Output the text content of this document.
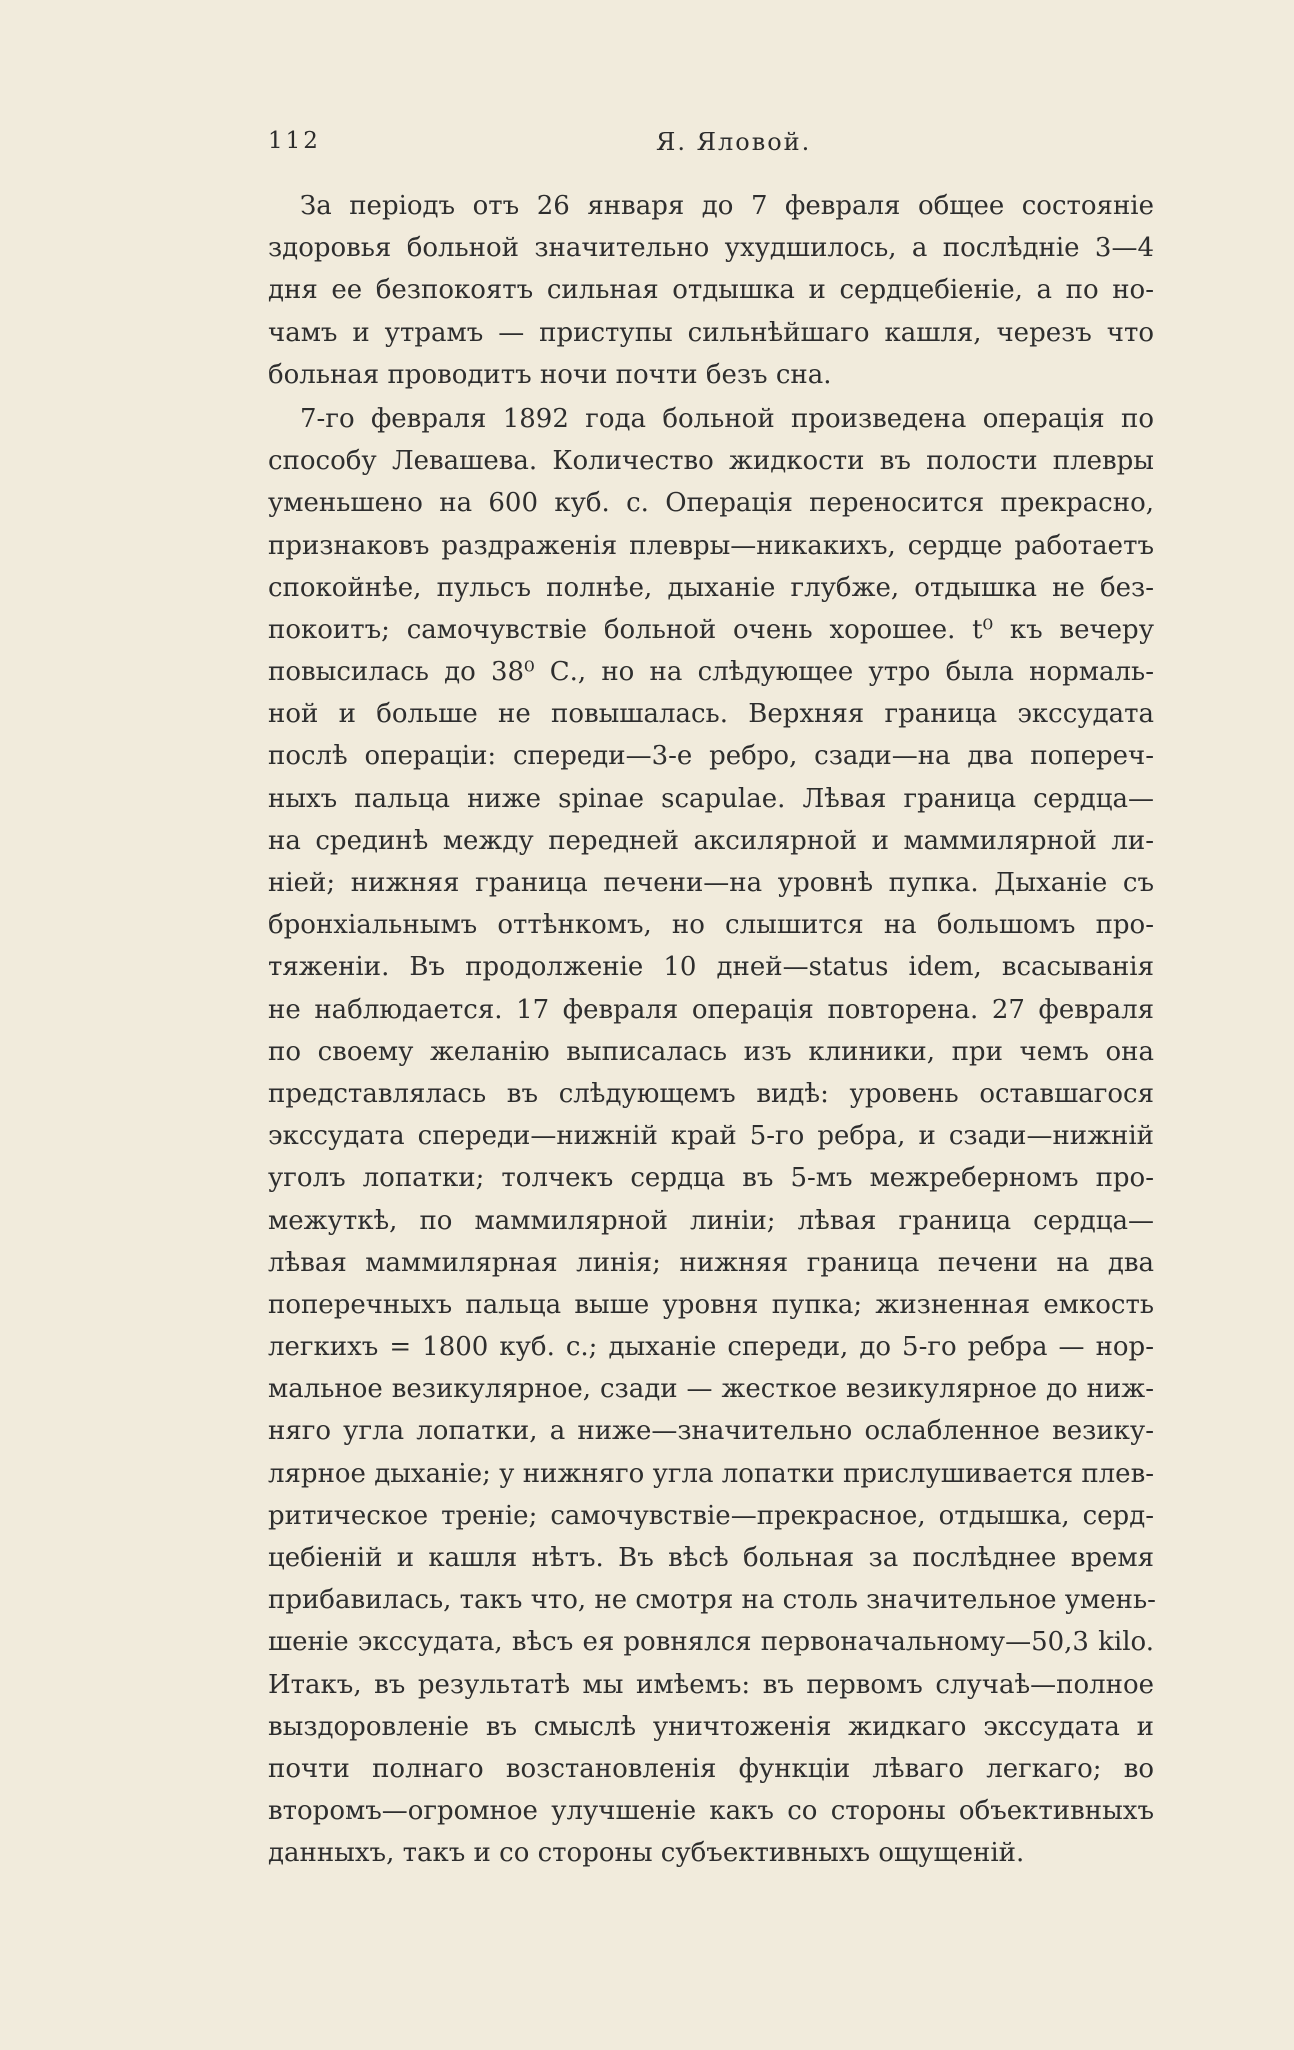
112	Я. Яловой.
За періодъ отъ 26 января до 7 февраля общее состояніе
здоровья больной значительно ухудшилось, а послѣдніе 3—4
дня ее безпокоятъ сильная отдышка и сердцебіеніе, а по но-
чамъ и утрамъ — приступы сильнѣйшаго кашля, черезъ что
больная проводитъ ночи почти безъ сна.
7-го февраля 1892 года больной произведена операція по
способу Левашева. Количество жидкости въ полости плевры
уменьшено на 600 куб. с. Операція переносится прекрасно,
признаковъ раздраженія плевры—никакихъ, сердце работаетъ
спокойнѣе, пульсъ полнѣе, дыханіе глубже, отдышка не без-
покоитъ; самочувствіе больной очень хорошее. t⁰ къ вечеру
повысилась до 38⁰ С., но на слѣдующее утро была нормаль-
ной и больше не повышалась. Верхняя граница экссудата
послѣ операціи: спереди—3-е ребро, сзади—на два попереч-
ныхъ пальца ниже spinae scapulae. Лѣвая граница сердца—
на срединѣ между передней аксилярной и маммилярной ли-
ніей; нижняя граница печени—на уровнѣ пупка. Дыханіе съ
бронхіальнымъ оттѣнкомъ, но слышится на большомъ про-
тяженіи. Въ продолженіе 10 дней—status idem, всасыванія
не наблюдается. 17 февраля операція повторена. 27 февраля
по своему желанію выписалась изъ клиники, при чемъ она
представлялась въ слѣдующемъ видѣ: уровень оставшагося
экссудата спереди—нижній край 5-го ребра, и сзади—нижній
уголъ лопатки; толчекъ сердца въ 5-мъ межреберномъ про-
межуткѣ, по маммилярной линіи; лѣвая граница сердца—
лѣвая маммилярная линія; нижняя граница печени на два
поперечныхъ пальца выше уровня пупка; жизненная емкость
легкихъ = 1800 куб. с.; дыханіе спереди, до 5-го ребра — нор-
мальное везикулярное, сзади — жесткое везикулярное до ниж-
няго угла лопатки, а ниже—значительно ослабленное везику-
лярное дыханіе; у нижняго угла лопатки прислушивается плев-
ритическое треніе; самочувствіе—прекрасное, отдышка, серд-
цебіеній и кашля нѣтъ. Въ вѣсѣ больная за послѣднее время
прибавилась, такъ что, не смотря на столь значительное умень-
шеніе экссудата, вѣсъ ея ровнялся первоначальному—50,3 kilo.
Итакъ, въ результатѣ мы имѣемъ: въ первомъ случаѣ—полное
выздоровленіе въ смыслѣ уничтоженія жидкаго экссудата и
почти полнаго возстановленія функціи лѣваго легкаго; во
второмъ—огромное улучшеніе какъ со стороны объективныхъ
данныхъ, такъ и со стороны субъективныхъ ощущеній.
